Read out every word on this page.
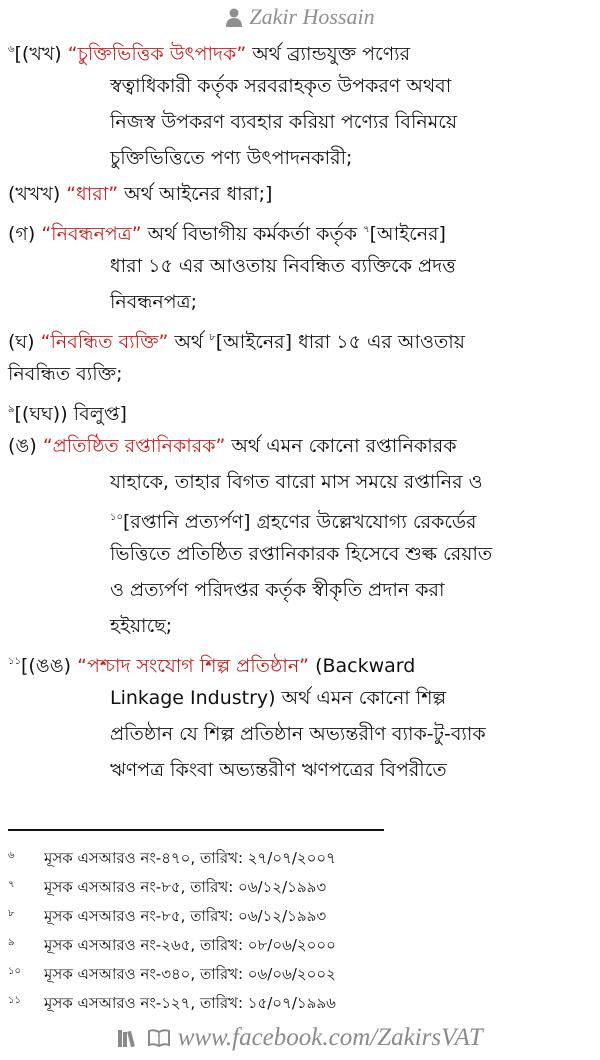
Zakir Hossain
$^৬$[(খখ) “চুক্তিভিত্তিক উৎপাদক” অর্থ ব্র্যান্ডযুক্ত পণ্যের
স্বত্বাধিকারী কর্তৃক সরবরাহকৃত উপকরণ অথবা
নিজস্ব উপকরণ ব্যবহার করিয়া পণ্যের বিনিময়ে
চুক্তিভিত্তিতে পণ্য উৎপাদনকারী;
(খখখ) “ধারা” অর্থ আইনের ধারা;]
(গ) “নিবন্ধনপত্র” অর্থ বিভাগীয় কর্মকর্তা কর্তৃক $^৭$[আইনের]
ধারা ১৫ এর আওতায় নিবন্ধিত ব্যক্তিকে প্রদত্ত
নিবন্ধনপত্র;
(ঘ) “নিবন্ধিত ব্যক্তি” অর্থ $^৮$[আইনের] ধারা ১৫ এর আওতায়
নিবন্ধিত ব্যক্তি;
$^৯$[(ঘঘ)) বিলুপ্ত]
(ঙ) “প্রতিষ্ঠিত রপ্তানিকারক” অর্থ এমন কোনো রপ্তানিকারক
যাহাকে, তাহার বিগত বারো মাস সময়ে রপ্তানির ও
$^{১০}$[রপ্তানি প্রত্যর্পণ] গ্রহণের উল্লেখযোগ্য রেকর্ডের
ভিত্তিতে প্রতিষ্ঠিত রপ্তানিকারক হিসেবে শুল্ক রেয়াত
ও প্রত্যর্পণ পরিদপ্তর কর্তৃক স্বীকৃতি প্রদান করা
হইয়াছে;
$^{১১}$[(ঙঙ) “পশ্চাদ সংযোগ শিল্প প্রতিষ্ঠান” (Backward
Linkage Industry) অর্থ এমন কোনো শিল্প
প্রতিষ্ঠান যে শিল্প প্রতিষ্ঠান অভ্যন্তরীণ ব্যাক-টু-ব্যাক
ঋণপত্র কিংবা অভ্যন্তরীণ ঋণপত্রের বিপরীতে
৬ মূসক এসআরও নং-৪৭০, তারিখ: ২৭/০৭/২০০৭
৭ মূসক এসআরও নং-৮৫, তারিখ: ০৬/১২/১৯৯৩
৮ মূসক এসআরও নং-৮৫, তারিখ: ০৬/১২/১৯৯৩
৯ মূসক এসআরও নং-২৬৫, তারিখ: ০৮/০৬/২০০০
১০ মূসক এসআরও নং-৩৪০, তারিখ: ০৬/০৬/২০০২
১১ মূসক এসআরও নং-১২৭, তারিখ: ১৫/০৭/১৯৯৬
www.facebook.com/ZakirsVAT
